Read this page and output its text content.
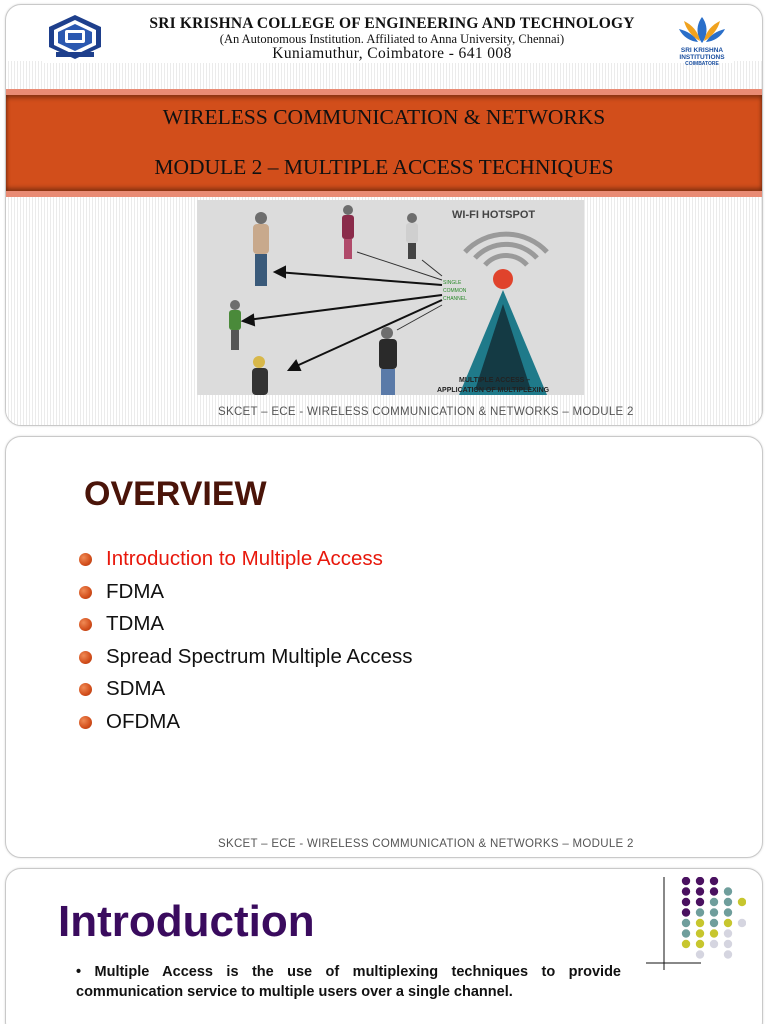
SRI KRISHNA COLLEGE OF ENGINEERING AND TECHNOLOGY
(An Autonomous Institution. Affiliated to Anna University, Chennai)
Kuniamuthur, Coimbatore - 641 008	SRI KRISHNA
INSTITUTIONS
COIMBATORE
WIRELESS COMMUNICATION & NETWORKS
MODULE 2 – MULTIPLE ACCESS TECHNIQUES
WI-FI HOTSPOT
SINGLE
COMMON
CHANNEL
MULTIPLE ACCESS –
APPLICATION OF MULTIPLEXING
SKCET – ECE - WIRELESS COMMUNICATION & NETWORKS – MODULE 2
OVERVIEW
Introduction to Multiple Access
FDMA
TDMA
Spread Spectrum Multiple Access
SDMA
OFDMA
SKCET – ECE - WIRELESS COMMUNICATION & NETWORKS – MODULE 2
Introduction
• Multiple Access is the use of multiplexing techniques to provide communication service to multiple users over a single channel.
